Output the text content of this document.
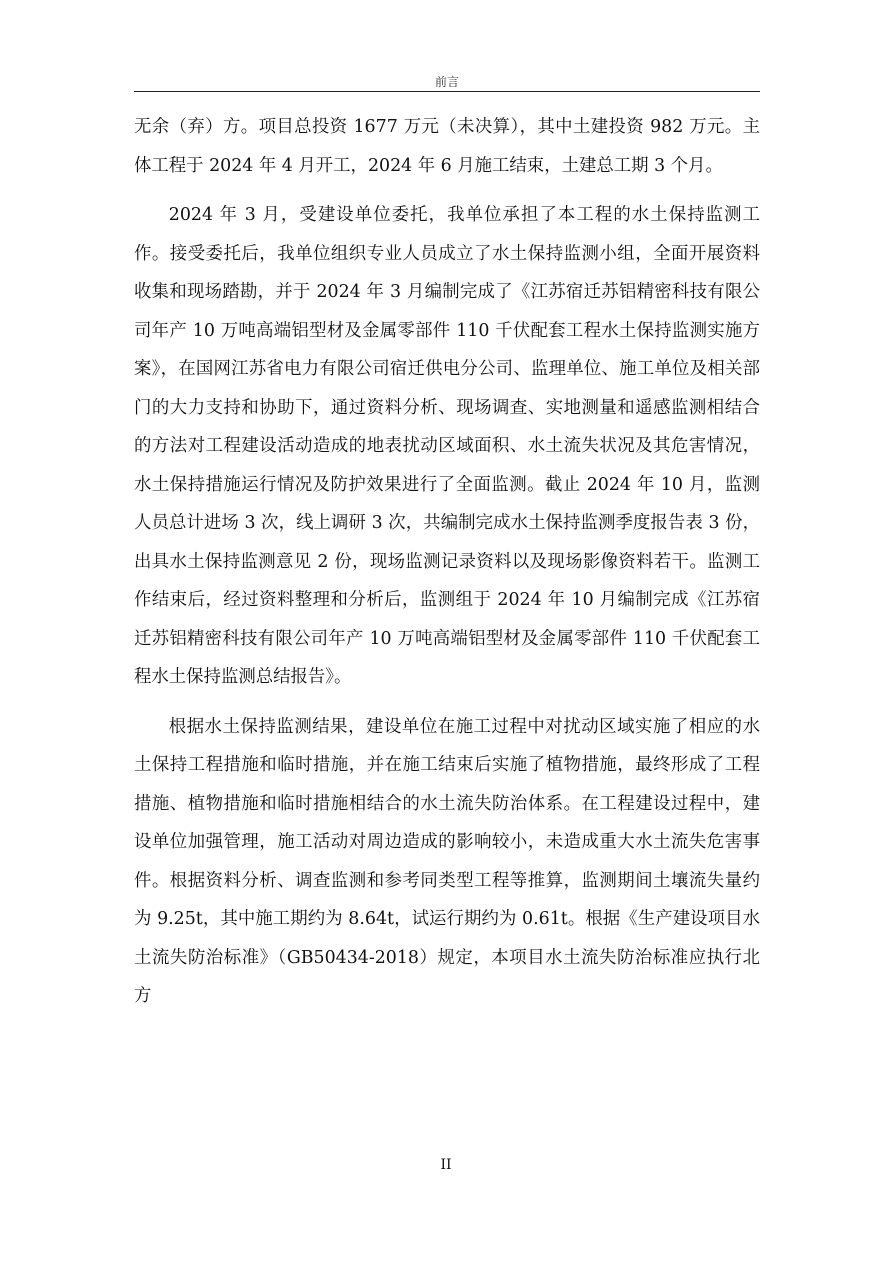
前言

无余（弃）方。项目总投资 1677 万元（未决算），其中土建投资 982 万元。主体工程于 2024 年 4 月开工，2024 年 6 月施工结束，土建总工期 3 个月。

2024 年 3 月，受建设单位委托，我单位承担了本工程的水土保持监测工作。接受委托后，我单位组织专业人员成立了水土保持监测小组，全面开展资料收集和现场踏勘，并于 2024 年 3 月编制完成了《江苏宿迁苏铝精密科技有限公司年产 10 万吨高端铝型材及金属零部件 110 千伏配套工程水土保持监测实施方案》，在国网江苏省电力有限公司宿迁供电分公司、监理单位、施工单位及相关部门的大力支持和协助下，通过资料分析、现场调查、实地测量和遥感监测相结合的方法对工程建设活动造成的地表扰动区域面积、水土流失状况及其危害情况，水土保持措施运行情况及防护效果进行了全面监测。截止 2024 年 10 月，监测人员总计进场 3 次，线上调研 3 次，共编制完成水土保持监测季度报告表 3 份，出具水土保持监测意见 2 份，现场监测记录资料以及现场影像资料若干。监测工作结束后，经过资料整理和分析后，监测组于 2024 年 10 月编制完成《江苏宿迁苏铝精密科技有限公司年产 10 万吨高端铝型材及金属零部件 110 千伏配套工程水土保持监测总结报告》。

根据水土保持监测结果，建设单位在施工过程中对扰动区域实施了相应的水土保持工程措施和临时措施，并在施工结束后实施了植物措施，最终形成了工程措施、植物措施和临时措施相结合的水土流失防治体系。在工程建设过程中，建设单位加强管理，施工活动对周边造成的影响较小，未造成重大水土流失危害事件。根据资料分析、调查监测和参考同类型工程等推算，监测期间土壤流失量约为 9.25t，其中施工期约为 8.64t，试运行期约为 0.61t。根据《生产建设项目水土流失防治标准》（GB50434-2018）规定，本项目水土流失防治标准应执行北方

II
